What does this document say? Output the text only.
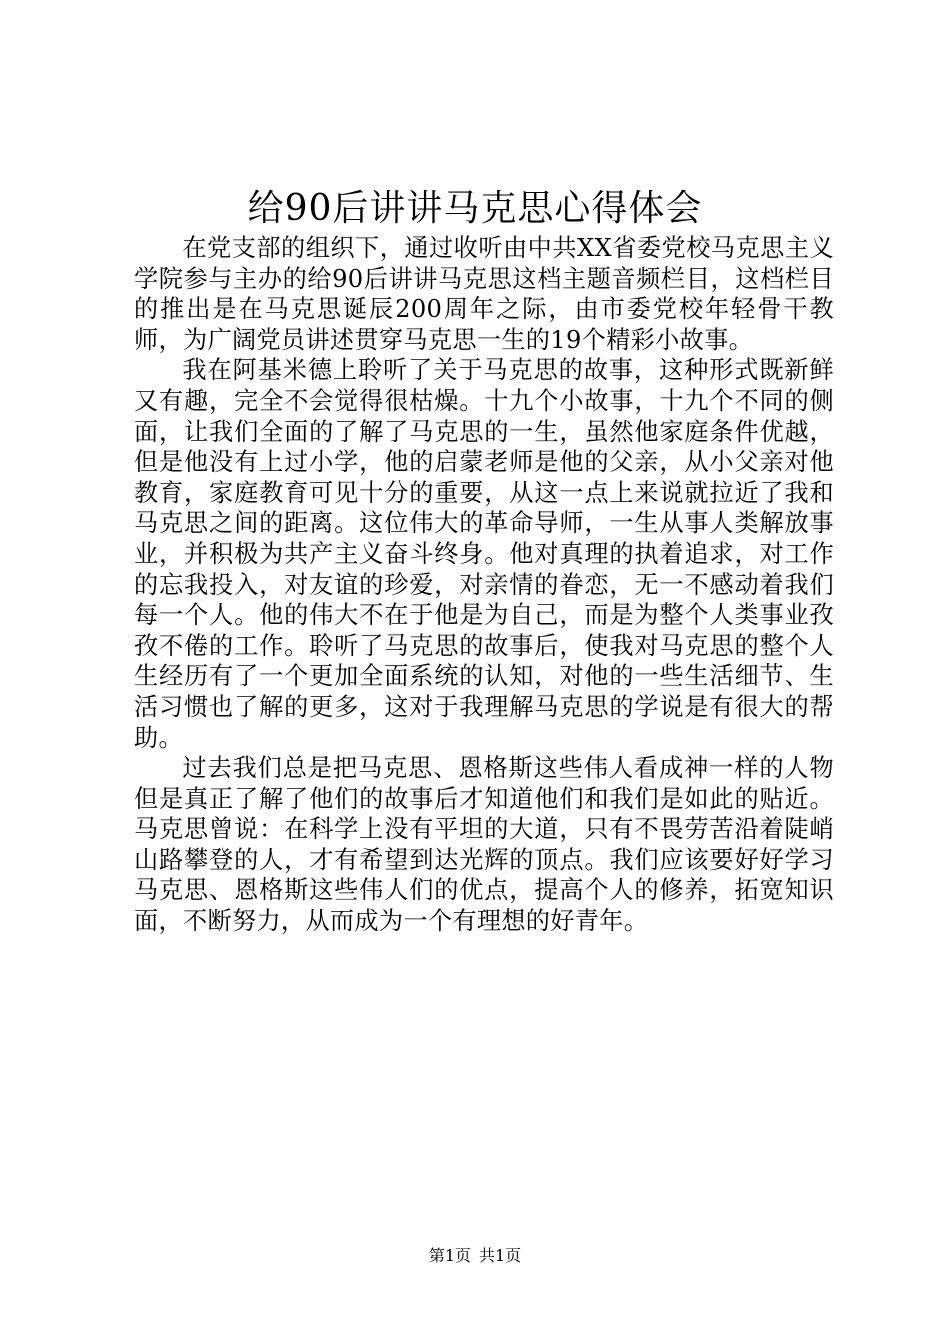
给90后讲讲马克思心得体会

在党支部的组织下，通过收听由中共XX省委党校马克思主义学院参与主办的给90后讲讲马克思这档主题音频栏目，这档栏目的推出是在马克思诞辰200周年之际，由市委党校年轻骨干教师，为广阔党员讲述贯穿马克思一生的19个精彩小故事。

我在阿基米德上聆听了关于马克思的故事，这种形式既新鲜又有趣，完全不会觉得很枯燥。十九个小故事，十九个不同的侧面，让我们全面的了解了马克思的一生，虽然他家庭条件优越，但是他没有上过小学，他的启蒙老师是他的父亲，从小父亲对他教育，家庭教育可见十分的重要，从这一点上来说就拉近了我和马克思之间的距离。这位伟大的革命导师，一生从事人类解放事业，并积极为共产主义奋斗终身。他对真理的执着追求，对工作的忘我投入，对友谊的珍爱，对亲情的眷恋，无一不感动着我们每一个人。他的伟大不在于他是为自己，而是为整个人类事业孜孜不倦的工作。聆听了马克思的故事后，使我对马克思的整个人生经历有了一个更加全面系统的认知，对他的一些生活细节、生活习惯也了解的更多，这对于我理解马克思的学说是有很大的帮助。

过去我们总是把马克思、恩格斯这些伟人看成神一样的人物但是真正了解了他们的故事后才知道他们和我们是如此的贴近。马克思曾说：在科学上没有平坦的大道，只有不畏劳苦沿着陡峭山路攀登的人，才有希望到达光辉的顶点。我们应该要好好学习马克思、恩格斯这些伟人们的优点，提高个人的修养，拓宽知识面，不断努力，从而成为一个有理想的好青年。

第1页 共1页
